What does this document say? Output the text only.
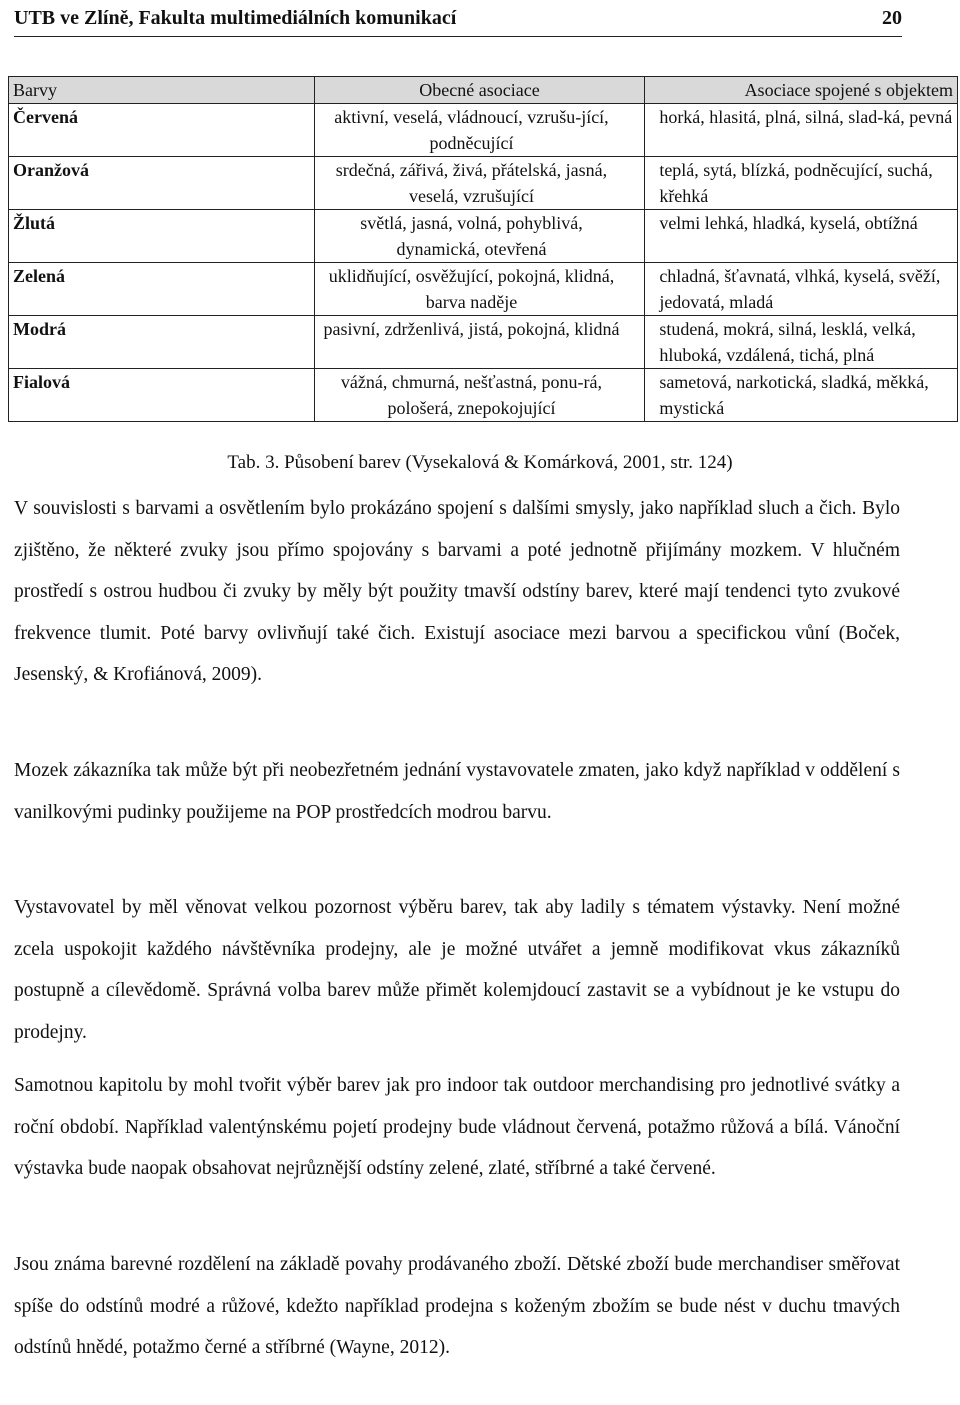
UTB ve Zlíně, Fakulta multimediálních komunikací	20
Barvy	Obecné asociace	Asociace spojené s objektem
Červená	aktivní, veselá, vládnoucí, vzrušu-jící, podněcující	horká, hlasitá, plná, silná, slad-ká, pevná
Oranžová	srdečná, zářivá, živá, přátelská, jasná, veselá, vzrušující	teplá, sytá, blízká, podněcující, suchá, křehká
Žlutá	světlá, jasná, volná, pohyblivá, dynamická, otevřená	velmi lehká, hladká, kyselá, obtížná
Zelená	uklidňující, osvěžující, pokojná, klidná, barva naděje	chladná, šťavnatá, vlhká, kyselá, svěží, jedovatá, mladá
Modrá	pasivní, zdrženlivá, jistá, pokojná, klidná	studená, mokrá, silná, lesklá, velká, hluboká, vzdálená, tichá, plná
Fialová	vážná, chmurná, nešťastná, ponu-rá, pološerá, znepokojující	sametová, narkotická, sladká, měkká, mystická
Tab. 3. Působení barev (Vysekalová & Komárková, 2001, str. 124)

V souvislosti s barvami a osvětlením bylo prokázáno spojení s dalšími smysly, jako například sluch a čich. Bylo zjištěno, že některé zvuky jsou přímo spojovány s barvami a poté jednotně přijímány mozkem. V hlučném prostředí s ostrou hudbou či zvuky by měly být použity tmavší odstíny barev, které mají tendenci tyto zvukové frekvence tlumit. Poté barvy ovlivňují také čich. Existují asociace mezi barvou a specifickou vůní (Boček, Jesenský, & Krofiánová, 2009).

Mozek zákazníka tak může být při neobezřetném jednání vystavovatele zmaten, jako když například v oddělení s vanilkovými pudinky použijeme na POP prostředcích modrou barvu.

Vystavovatel by měl věnovat velkou pozornost výběru barev, tak aby ladily s tématem výstavky. Není možné zcela uspokojit každého návštěvníka prodejny, ale je možné utvářet a jemně modifikovat vkus zákazníků postupně a cílevědomě. Správná volba barev může přimět kolemjdoucí zastavit se a vybídnout je ke vstupu do prodejny.

Samotnou kapitolu by mohl tvořit výběr barev jak pro indoor tak outdoor merchandising pro jednotlivé svátky a roční období. Například valentýnskému pojetí prodejny bude vládnout červená, potažmo růžová a bílá. Vánoční výstavka bude naopak obsahovat nejrůznější odstíny zelené, zlaté, stříbrné a také červené.

Jsou známa barevné rozdělení na základě povahy prodávaného zboží. Dětské zboží bude merchandiser směřovat spíše do odstínů modré a růžové, kdežto například prodejna s koženým zbožím se bude nést v duchu tmavých odstínů hnědé, potažmo černé a stříbrné (Wayne, 2012).
